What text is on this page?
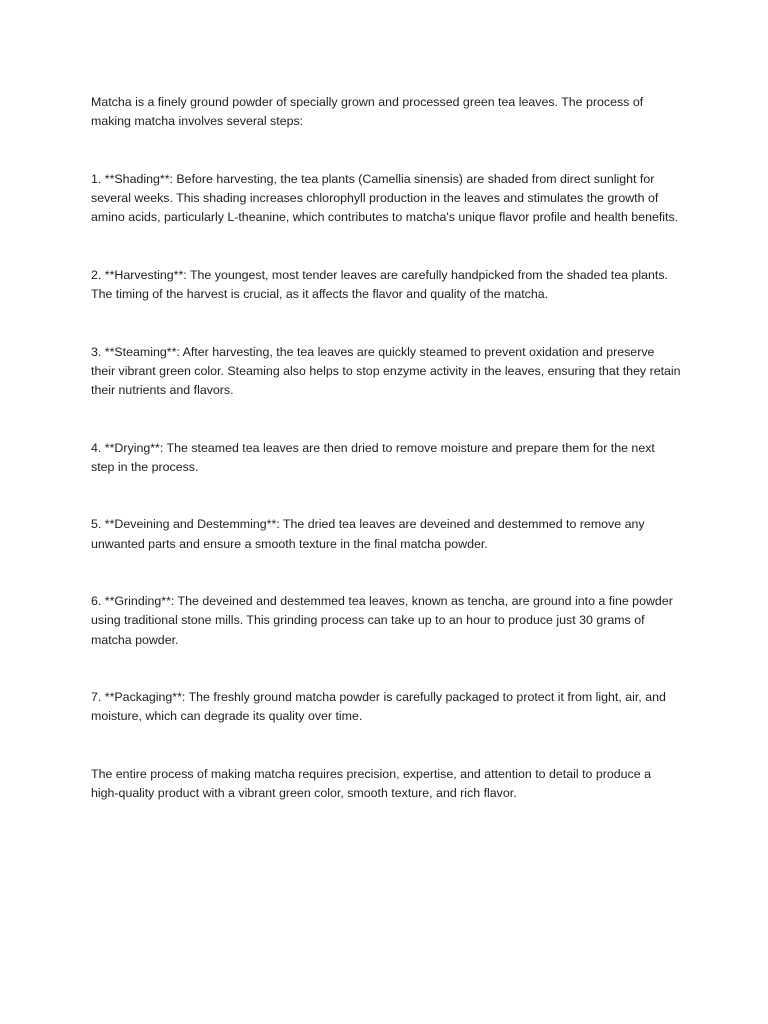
Matcha is a finely ground powder of specially grown and processed green tea leaves. The process of making matcha involves several steps:

1. **Shading**: Before harvesting, the tea plants (Camellia sinensis) are shaded from direct sunlight for several weeks. This shading increases chlorophyll production in the leaves and stimulates the growth of amino acids, particularly L-theanine, which contributes to matcha's unique flavor profile and health benefits.

2. **Harvesting**: The youngest, most tender leaves are carefully handpicked from the shaded tea plants. The timing of the harvest is crucial, as it affects the flavor and quality of the matcha.

3. **Steaming**: After harvesting, the tea leaves are quickly steamed to prevent oxidation and preserve their vibrant green color. Steaming also helps to stop enzyme activity in the leaves, ensuring that they retain their nutrients and flavors.

4. **Drying**: The steamed tea leaves are then dried to remove moisture and prepare them for the next step in the process.

5. **Deveining and Destemming**: The dried tea leaves are deveined and destemmed to remove any unwanted parts and ensure a smooth texture in the final matcha powder.

6. **Grinding**: The deveined and destemmed tea leaves, known as tencha, are ground into a fine powder using traditional stone mills. This grinding process can take up to an hour to produce just 30 grams of matcha powder.

7. **Packaging**: The freshly ground matcha powder is carefully packaged to protect it from light, air, and moisture, which can degrade its quality over time.

The entire process of making matcha requires precision, expertise, and attention to detail to produce a high-quality product with a vibrant green color, smooth texture, and rich flavor.
